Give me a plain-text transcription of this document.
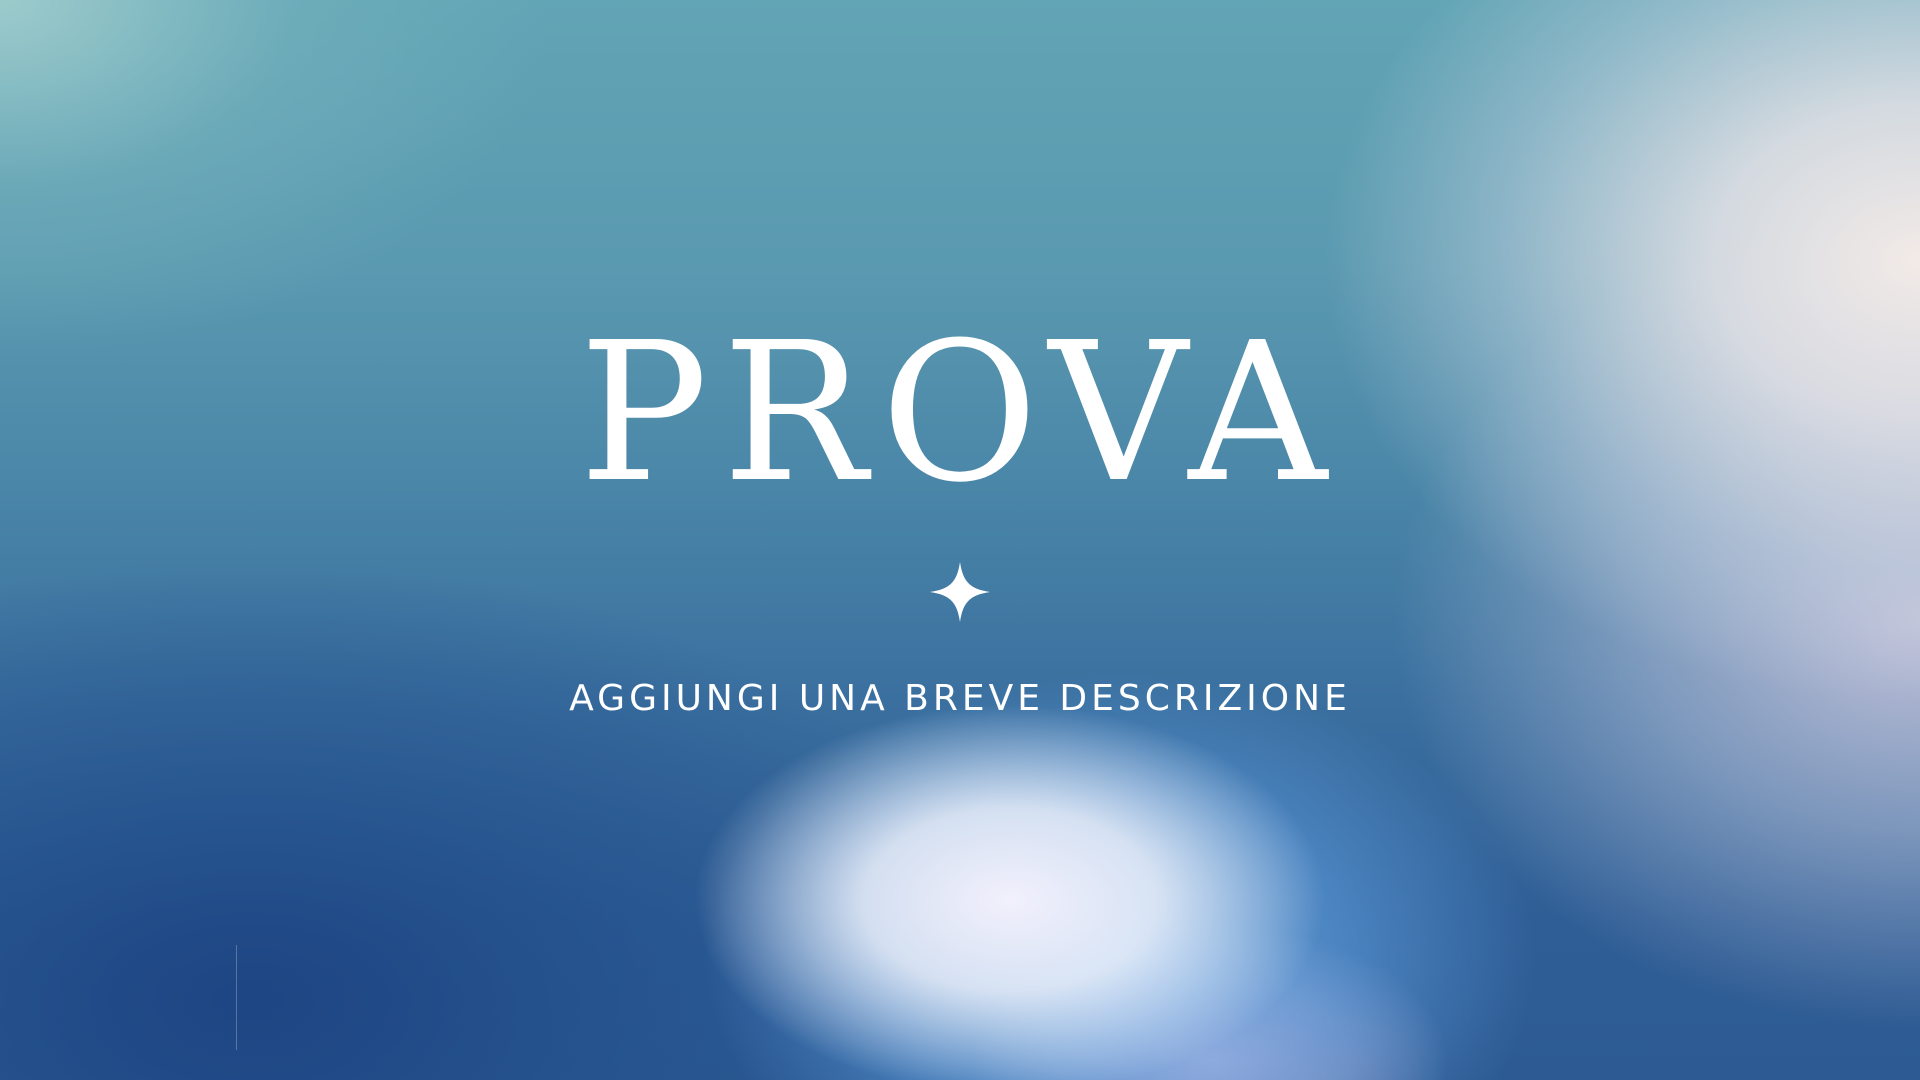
PROVA
AGGIUNGI UNA BREVE DESCRIZIONE
